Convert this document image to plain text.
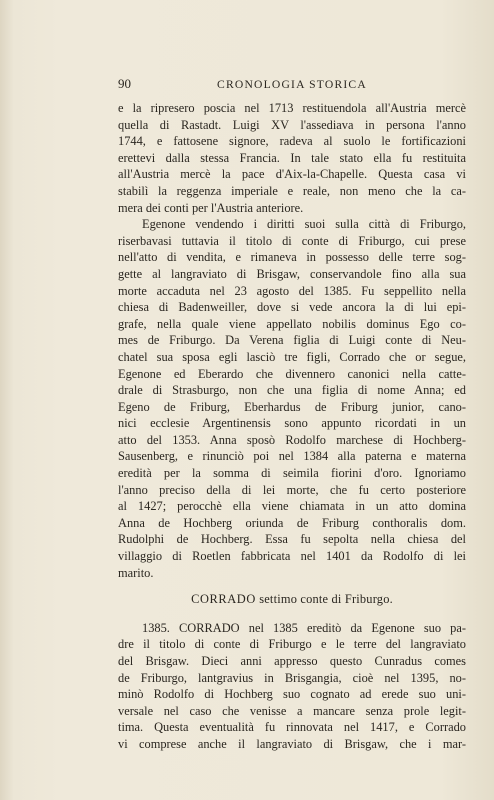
90	CRONOLOGIA STORICA
e la ripresero poscia nel 1713 restituendola all'Austria mercè
quella di Rastadt. Luigi XV l'assediava in persona l'anno
1744, e fattosene signore, radeva al suolo le fortificazioni
erettevi dalla stessa Francia. In tale stato ella fu restituita
all'Austria mercè la pace d'Aix-la-Chapelle. Questa casa vi
stabilì la reggenza imperiale e reale, non meno che la ca-
mera dei conti per l'Austria anteriore.
Egenone vendendo i diritti suoi sulla città di Friburgo,
riserbavasi tuttavia il titolo di conte di Friburgo, cui prese
nell'atto di vendita, e rimaneva in possesso delle terre sog-
gette al langraviato di Brisgaw, conservandole fino alla sua
morte accaduta nel 23 agosto del 1385. Fu seppellito nella
chiesa di Badenweiller, dove si vede ancora la di lui epi-
grafe, nella quale viene appellato nobilis dominus Ego co-
mes de Friburgo. Da Verena figlia di Luigi conte di Neu-
chatel sua sposa egli lasciò tre figli, Corrado che or segue,
Egenone ed Eberardo che divennero canonici nella catte-
drale di Strasburgo, non che una figlia di nome Anna; ed
Egeno de Friburg, Eberhardus de Friburg junior, cano-
nici ecclesie Argentinensis sono appunto ricordati in un
atto del 1353. Anna sposò Rodolfo marchese di Hochberg-
Sausenberg, e rinunciò poi nel 1384 alla paterna e materna
eredità per la somma di seimila fiorini d'oro. Ignoriamo
l'anno preciso della di lei morte, che fu certo posteriore
al 1427; perocchè ella viene chiamata in un atto domina
Anna de Hochberg oriunda de Friburg conthoralis dom.
Rudolphi de Hochberg. Essa fu sepolta nella chiesa del
villaggio di Roetlen fabbricata nel 1401 da Rodolfo di lei
marito.
CORRADO settimo conte di Friburgo.
1385. CORRADO nel 1385 ereditò da Egenone suo pa-
dre il titolo di conte di Friburgo e le terre del langraviato
del Brisgaw. Dieci anni appresso questo Cunradus comes
de Friburgo, lantgravius in Brisgangia, cioè nel 1395, no-
minò Rodolfo di Hochberg suo cognato ad erede suo uni-
versale nel caso che venisse a mancare senza prole legit-
tima. Questa eventualità fu rinnovata nel 1417, e Corrado
vi comprese anche il langraviato di Brisgaw, che i mar-
